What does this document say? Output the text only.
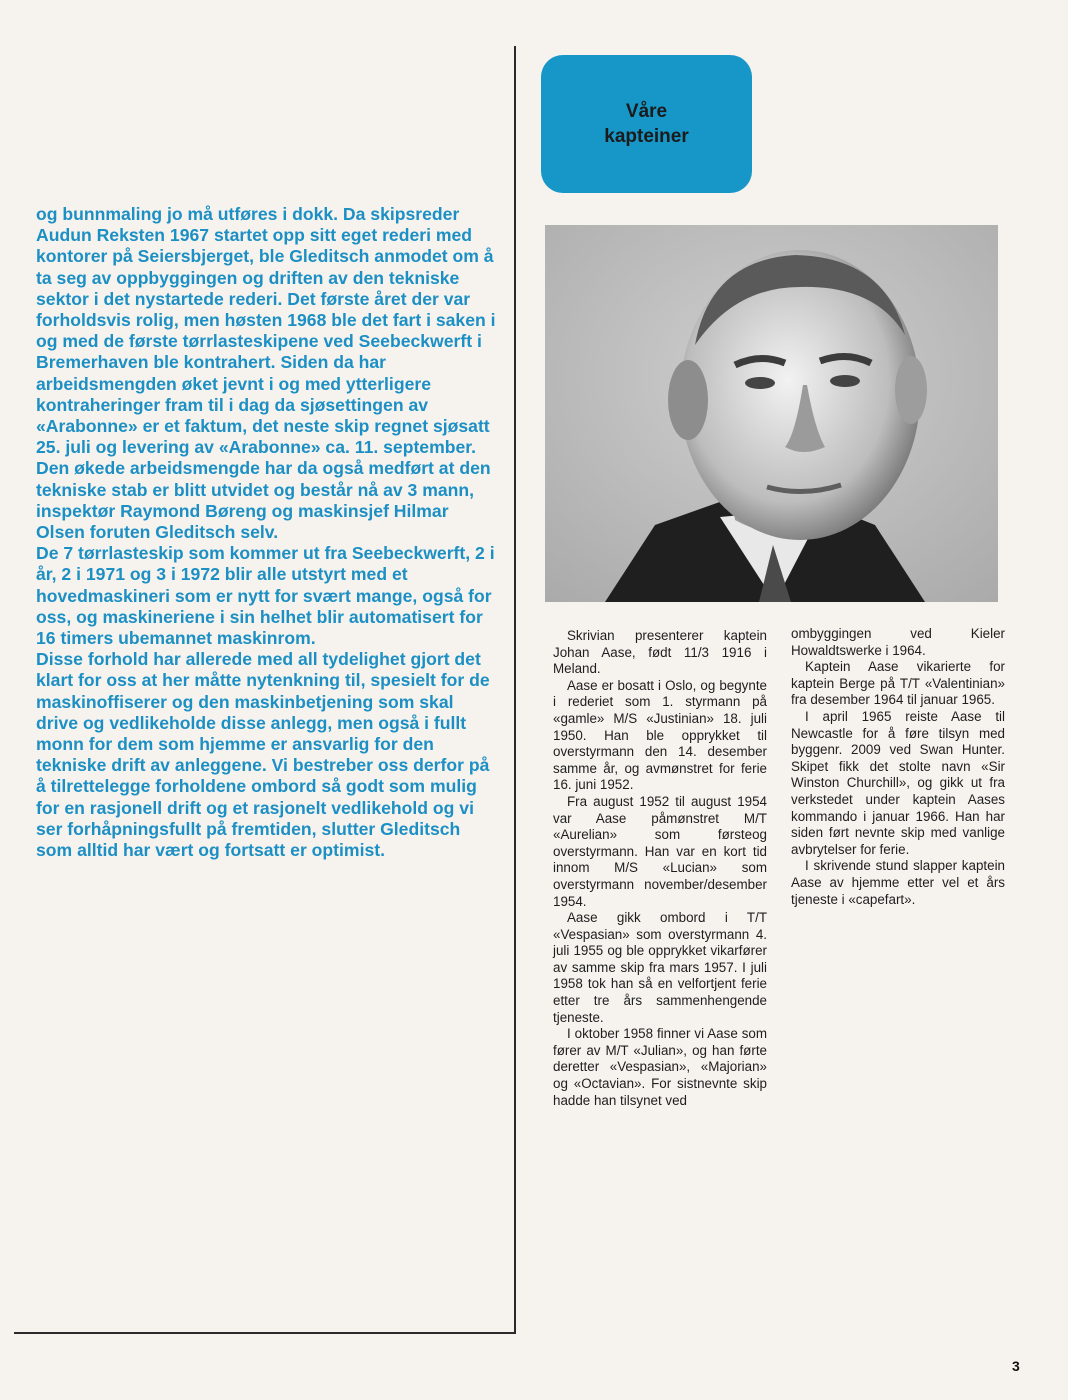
og bunnmaling jo må utføres i dokk. Da skipsreder Audun Reksten 1967 startet opp sitt eget rederi med kontorer på Seiersbjerget, ble Gleditsch anmodet om å ta seg av oppbyggingen og driften av den tekniske sektor i det nystartede rederi. Det første året der var forholdsvis rolig, men høsten 1968 ble det fart i saken i og med de første tørrlasteskipene ved Seebeckwerft i Bremerhaven ble kontrahert. Siden da har arbeidsmengden øket jevnt i og med ytterligere kontraheringer fram til i dag da sjøsettingen av «Arabonne» er et faktum, det neste skip regnet sjøsatt 25. juli og levering av «Arabonne» ca. 11. september. Den økede arbeidsmengde har da også medført at den tekniske stab er blitt utvidet og består nå av 3 mann, inspektør Raymond Børeng og maskinsjef Hilmar Olsen foruten Gleditsch selv.

De 7 tørrlasteskip som kommer ut fra Seebeckwerft, 2 i år, 2 i 1971 og 3 i 1972 blir alle utstyrt med et hovedmaskineri som er nytt for svært mange, også for oss, og maskineriene i sin helhet blir automatisert for 16 timers ubemannet maskinrom.

Disse forhold har allerede med all tydelighet gjort det klart for oss at her måtte nytenkning til, spesielt for de maskinoffiserer og den maskinbetjening som skal drive og vedlikeholde disse anlegg, men også i fullt monn for dem som hjemme er ansvarlig for den tekniske drift av anleggene. Vi bestreber oss derfor på å tilrettelegge forholdene ombord så godt som mulig for en rasjonell drift og et rasjonelt vedlikehold og vi ser forhåpningsfullt på fremtiden, slutter Gleditsch som alltid har vært og fortsatt er optimist.

Våre
kapteiner

Skrivian presenterer kaptein Johan Aase, født 11/3 1916 i Meland.

Aase er bosatt i Oslo, og begynte i rederiet som 1. styrmann på «gamle» M/S «Justinian» 18. juli 1950. Han ble opprykket til overstyrmann den 14. desember samme år, og avmønstret for ferie 16. juni 1952.

Fra august 1952 til august 1954 var Aase påmønstret M/T «Aurelian» som førsteog overstyrmann. Han var en kort tid innom M/S «Lucian» som overstyrmann november/desember 1954.

Aase gikk ombord i T/T «Vespasian» som overstyrmann 4. juli 1955 og ble opprykket vikarfører av samme skip fra mars 1957. I juli 1958 tok han så en velfortjent ferie etter tre års sammenhengende tjeneste.

I oktober 1958 finner vi Aase som fører av M/T «Julian», og han førte deretter «Vespasian», «Majorian» og «Octavian». For sistnevnte skip hadde han tilsynet ved

ombyggingen ved Kieler Howaldtswerke i 1964.

Kaptein Aase vikarierte for kaptein Berge på T/T «Valentinian» fra desember 1964 til januar 1965.

I april 1965 reiste Aase til Newcastle for å føre tilsyn med byggenr. 2009 ved Swan Hunter. Skipet fikk det stolte navn «Sir Winston Churchill», og gikk ut fra verkstedet under kaptein Aases kommando i januar 1966. Han har siden ført nevnte skip med vanlige avbrytelser for ferie.

I skrivende stund slapper kaptein Aase av hjemme etter vel et års tjeneste i «capefart».

3
